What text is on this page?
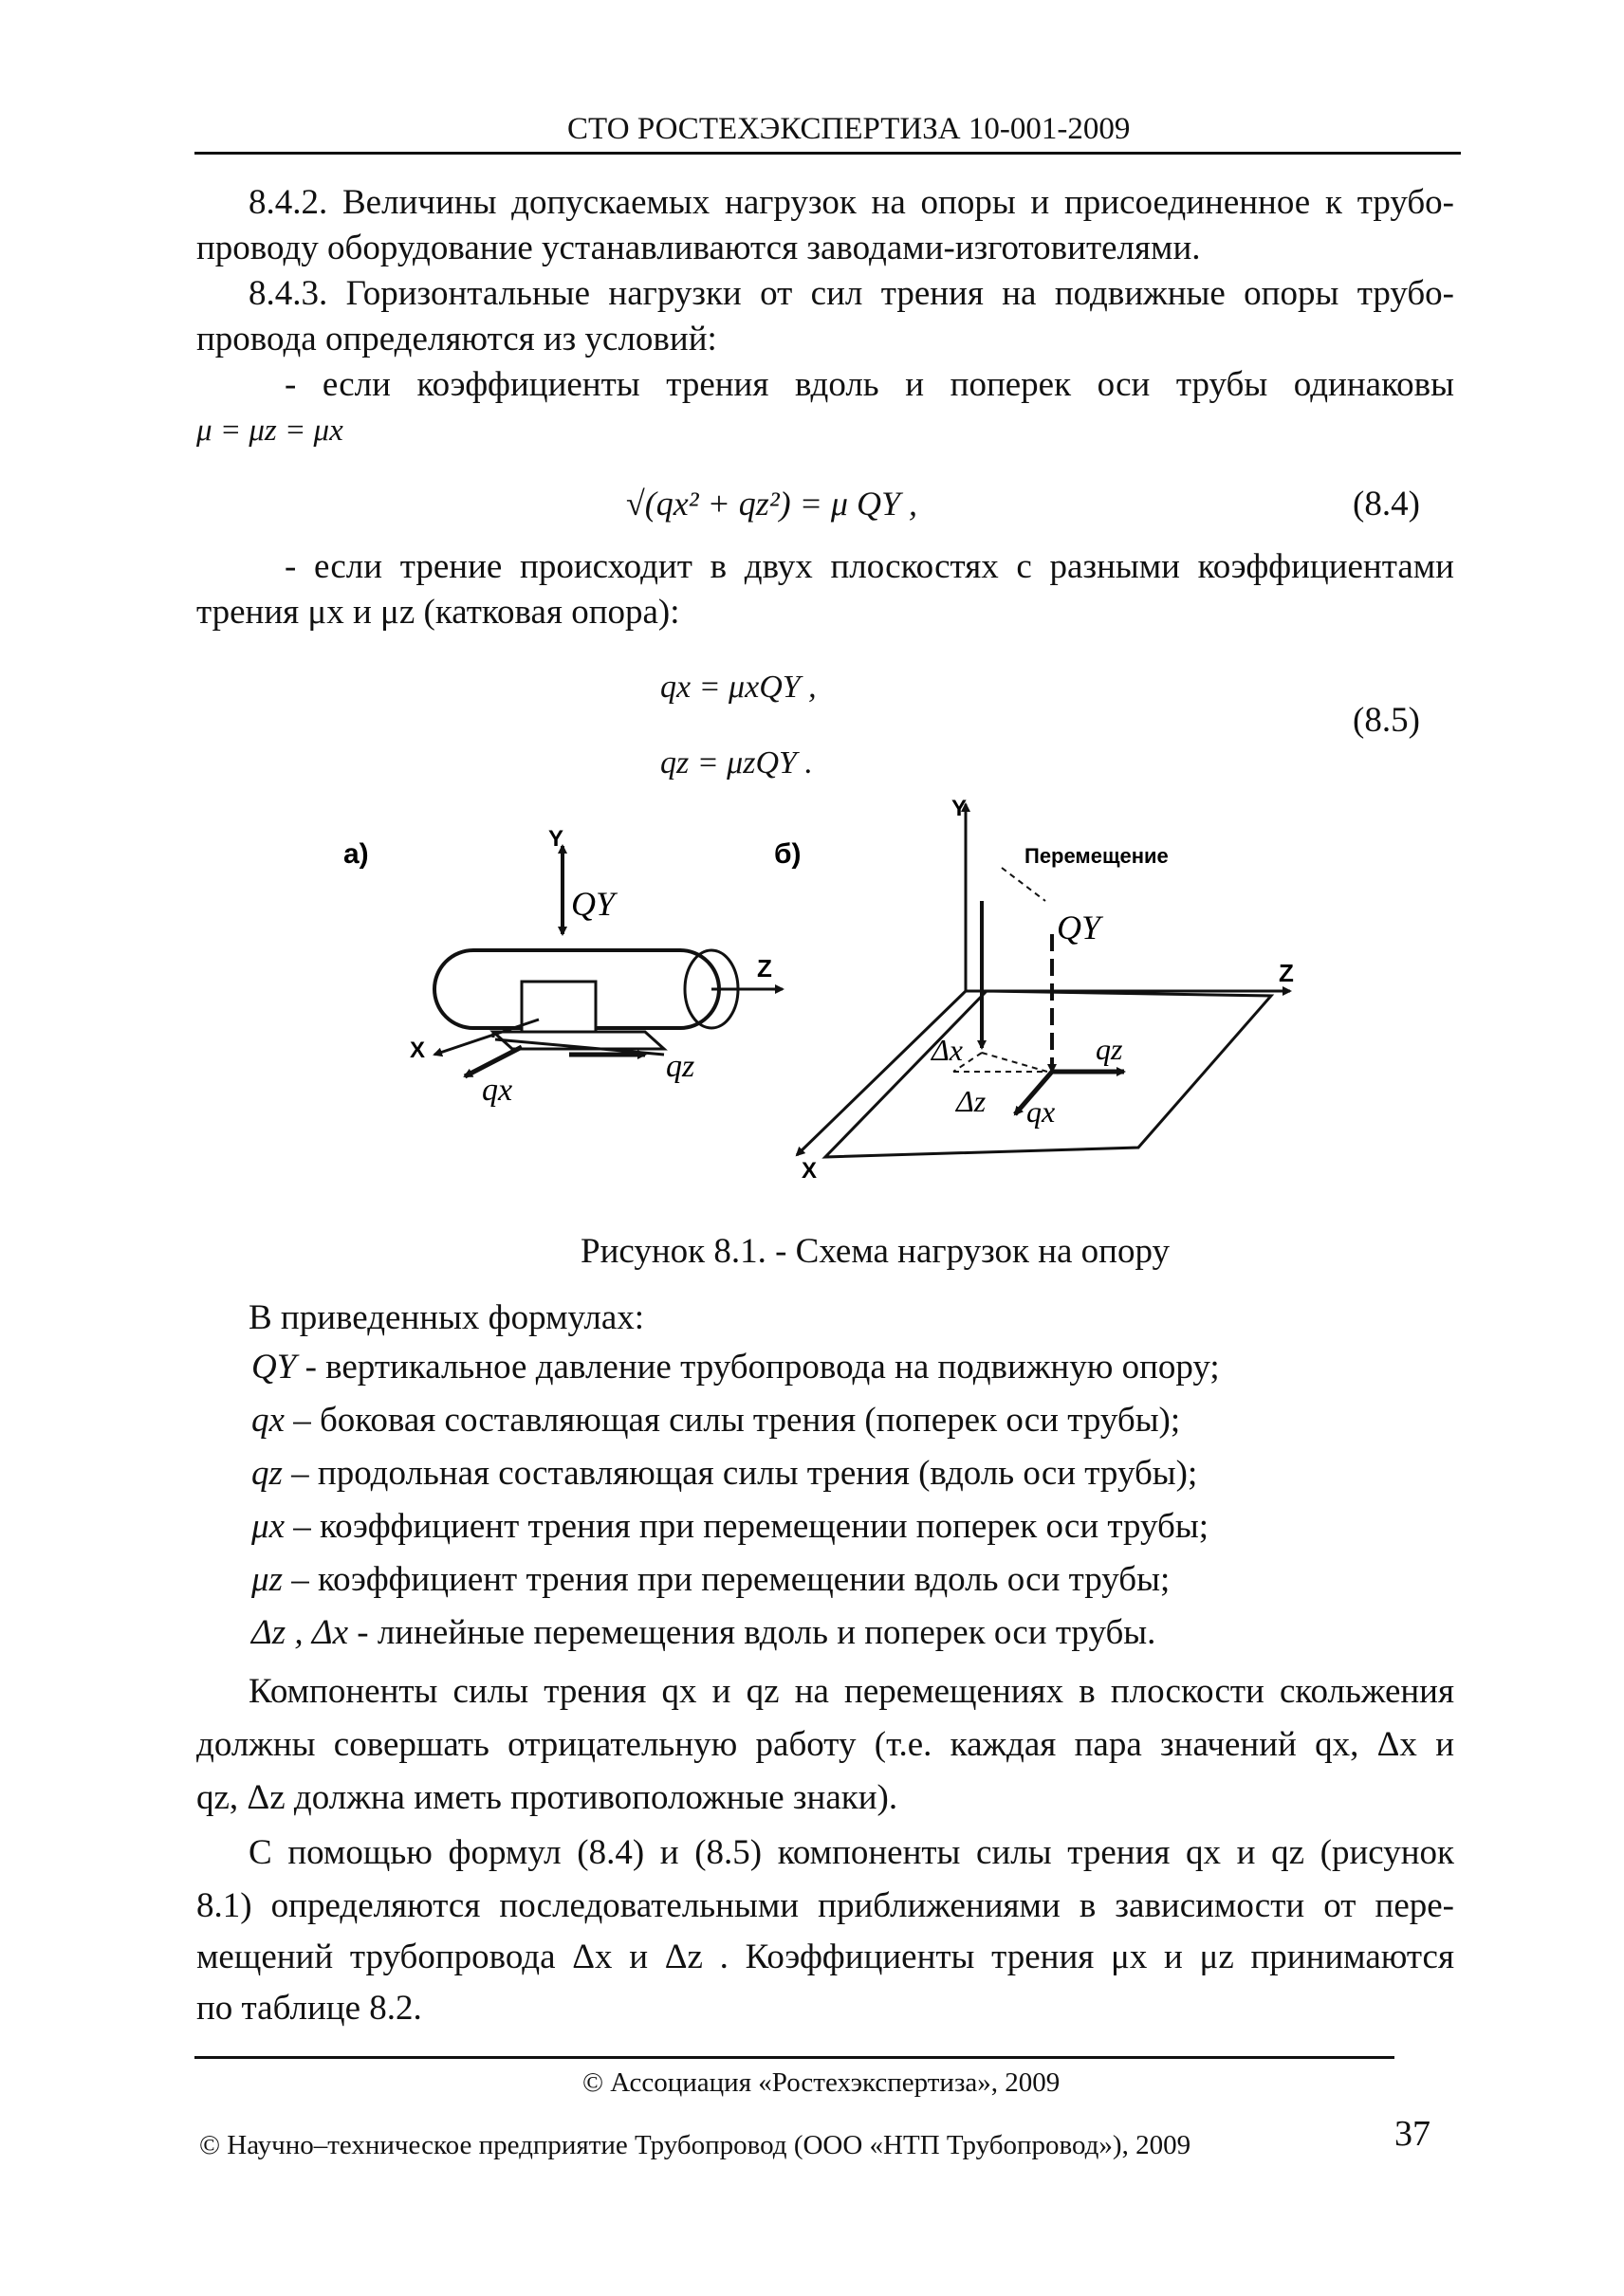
СТО РОСТЕХЭКСПЕРТИЗА 10-001-2009
8.4.2. Величины допускаемых нагрузок на опоры и присоединенное к трубо-
проводу оборудование устанавливаются заводами-изготовителями.
8.4.3. Горизонтальные нагрузки от сил трения на подвижные опоры трубо-
провода определяются из условий:
- если коэффициенты трения вдоль и поперек оси трубы одинаковы
μ = μz = μx
√(qx² + qz²) = μ QY ,	(8.4)
- если трение происходит в двух плоскостях с разными коэффициентами
трения μx и μz (катковая опора):
qx = μxQY ,
qz = μzQY .
(8.5)
а)	Y
QY
Z
X	qz
qx
б)
Y
Перемещение
QY
Z
X
Δx
Δz
qz
qx
Рисунок 8.1. - Схема нагрузок на опору
В приведенных формулах:
QY - вертикальное давление трубопровода на подвижную опору;
qx – боковая составляющая силы трения (поперек оси трубы);
qz – продольная составляющая силы трения (вдоль оси трубы);
μx – коэффициент трения при перемещении поперек оси трубы;
μz – коэффициент трения при перемещении вдоль оси трубы;
Δz , Δx - линейные перемещения вдоль и поперек оси трубы.
Компоненты силы трения qx и qz на перемещениях в плоскости скольжения
должны совершать отрицательную работу (т.е. каждая пара значений qx, Δx и
qz, Δz должна иметь противоположные знаки).
С помощью формул (8.4) и (8.5) компоненты силы трения qx и qz (рисунок
8.1) определяются последовательными приближениями в зависимости от пере-
мещений трубопровода Δx и Δz . Коэффициенты трения μx и μz принимаются
по таблице 8.2.
© Ассоциация «Ростехэкспертиза», 2009
© Научно–техническое предприятие Трубопровод (ООО «НТП Трубопровод»), 2009	37
